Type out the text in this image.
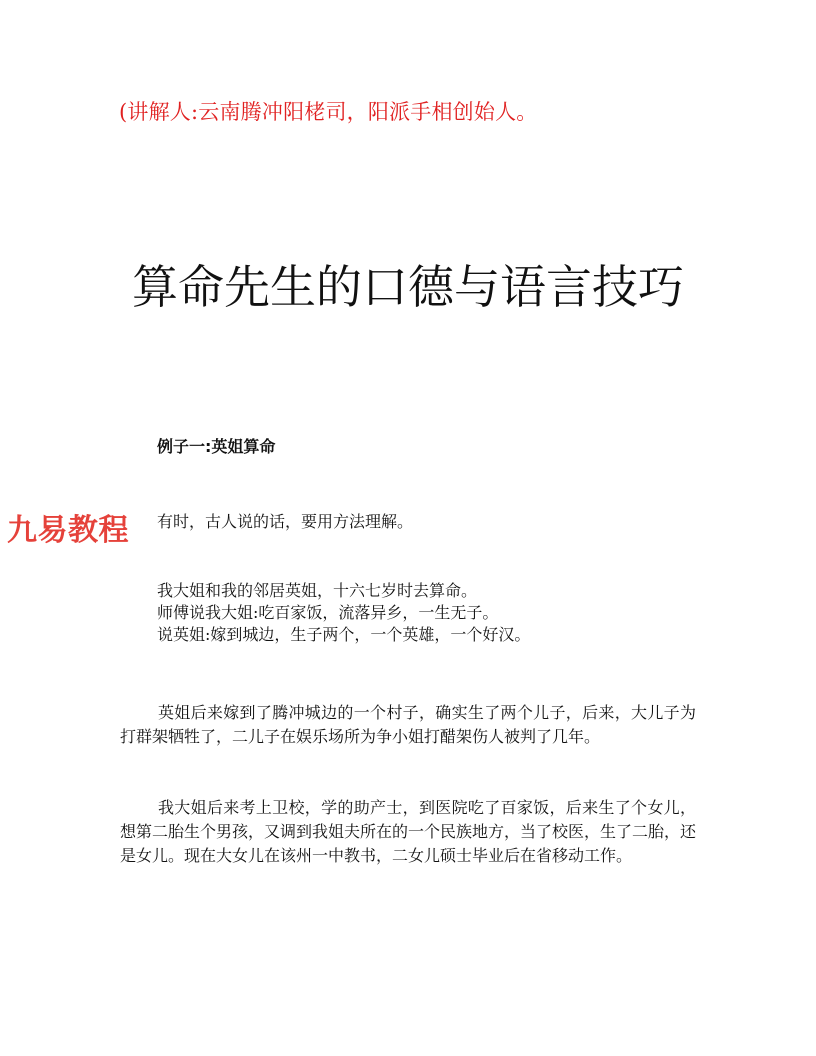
(讲解人:云南腾冲阳栳司，阳派手相创始人。
算命先生的口德与语言技巧
例子一:英姐算命
九易教程 有时，古人说的话，要用方法理解。
我大姐和我的邻居英姐，十六七岁时去算命。
师傅说我大姐:吃百家饭，流落异乡，一生无子。
说英姐:嫁到城边，生子两个，一个英雄，一个好汉。
英姐后来嫁到了腾冲城边的一个村子，确实生了两个儿子，后来，大儿子为打群架牺牲了，二儿子在娱乐场所为争小姐打醋架伤人被判了几年。
我大姐后来考上卫校，学的助产士，到医院吃了百家饭，后来生了个女儿，想第二胎生个男孩，又调到我姐夫所在的一个民族地方，当了校医，生了二胎，还是女儿。现在大女儿在该州一中教书，二女儿硕士毕业后在省移动工作。
